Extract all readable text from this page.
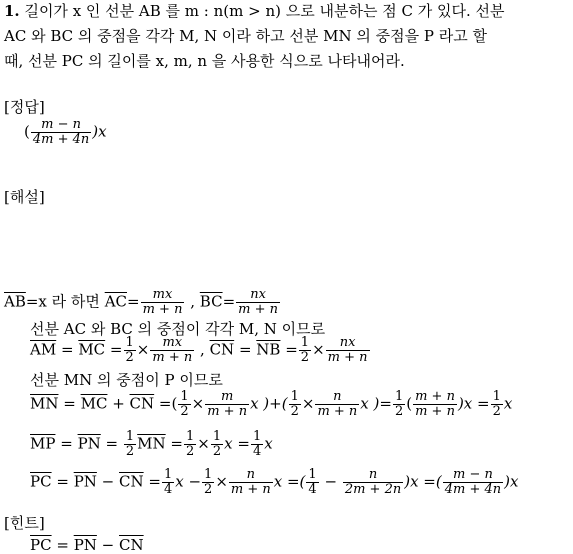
1. 길이가 x 인 선분 AB 를 m : n(m > n) 으로 내분하는 점 C 가 있다. 선분
AC 와 BC 의 중점을 각각 M, N 이라 하고 선분 MN 의 중점을 P 라고 할
때, 선분 PC 의 길이를 x, m, n 을 사용한 식으로 나타내어라.
[정답]
( $\frac{m - n}{4m + 4n} )x$
[해설]
$\overline{AB}=x$ 라 하면 $\overline{AC}= \frac{mx}{m + n}$ , $\overline{BC}= \frac{nx}{m + n}$
선분 AC 와 BC 의 중점이 각각 M, N 이므로
$\overline{AM} = \overline{MC} = \frac{1}{2} \times \frac{mx}{m + n}$ , $\overline{CN} = \overline{NB} = \frac{1}{2} \times \frac{nx}{m + n}$
선분 MN 의 중점이 P 이므로
$\overline{MN} = \overline{MC} + \overline{CN}$ =( $\frac{1}{2} \times \frac{m}{m + n}$ x )+( $\frac{1}{2} \times \frac{n}{m + n}$ x )= $\frac{1}{2}$ ( $\frac{m + n}{m + n} )x = \frac{1}{2}$ x
$\overline{MP} = \overline{PN} = \frac{1}{2} \overline{MN} = \frac{1}{2} \times \frac{1}{2}$ $x = \frac{1}{4}$ x
$\overline{PC} = \overline{PN} - \overline{CN} = \frac{1}{4}$ $x - \frac{1}{2} \times \frac{n}{m + n}$ x =( $\frac{1}{4} - \frac{n}{2m + 2n} )x$ =( $\frac{m - n}{4m + 4n} )x$
[힌트]
$\overline{PC} = \overline{PN} - \overline{CN}$
